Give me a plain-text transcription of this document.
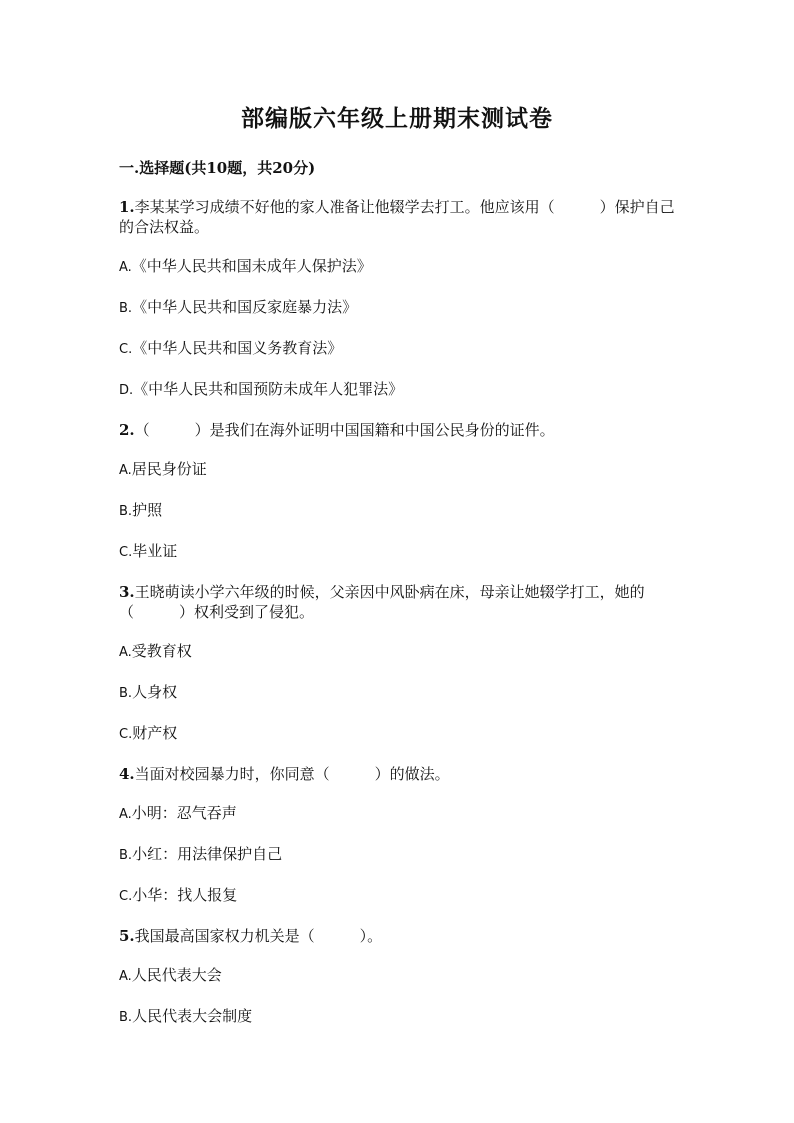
部编版六年级上册期末测试卷
一.选择题(共10题，共20分)
1.李某某学习成绩不好他的家人准备让他辍学去打工。他应该用（　　　）保护自己的合法权益。
A.《中华人民共和国未成年人保护法》
B.《中华人民共和国反家庭暴力法》
C.《中华人民共和国义务教育法》
D.《中华人民共和国预防未成年人犯罪法》
2.（　　　）是我们在海外证明中国国籍和中国公民身份的证件。
A.居民身份证
B.护照
C.毕业证
3.王晓萌读小学六年级的时候，父亲因中风卧病在床，母亲让她辍学打工，她的（　　　）权利受到了侵犯。
A.受教育权
B.人身权
C.财产权
4.当面对校园暴力时，你同意（　　　）的做法。
A.小明：忍气吞声
B.小红：用法律保护自己
C.小华：找人报复
5.我国最高国家权力机关是（　　　）。
A.人民代表大会
B.人民代表大会制度
